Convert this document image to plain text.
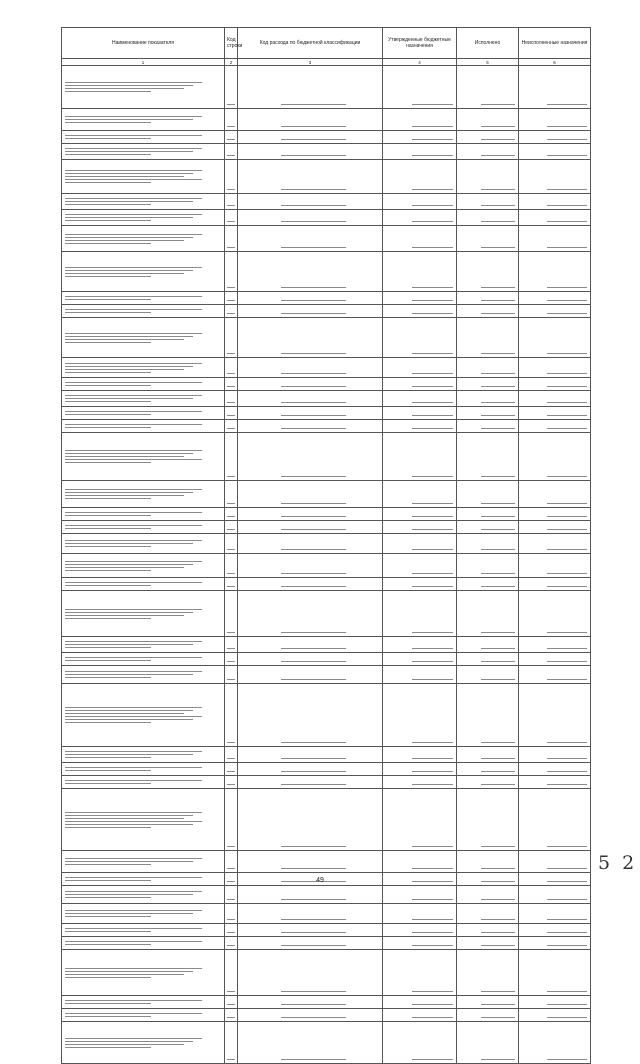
Наименование показателя	Код строки	Код расхода по бюджетной классификации	Утвержденные бюджетные назначения	Исполнено	Неисполненные назначения
1	2	3	4	5	6

49
5 2
